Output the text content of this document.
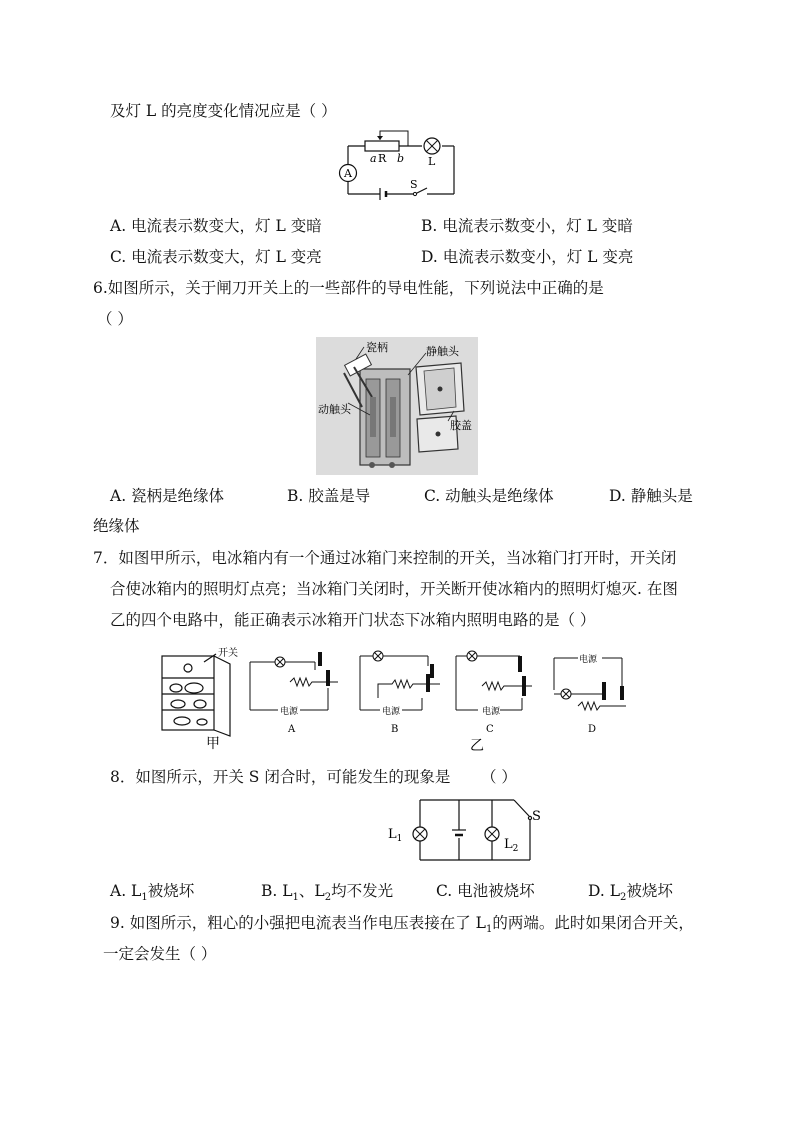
及灯 L 的亮度变化情况应是（ ）
A
a R b L
S
A. 电流表示数变大，灯 L 变暗	B. 电流表示数变小，灯 L 变暗
C. 电流表示数变大，灯 L 变亮	D. 电流表示数变小，灯 L 变亮
6.如图所示，关于闸刀开关上的一些部件的导电性能，下列说法中正确的是
（ ）
瓷柄	静触头
动触头
胶盖
A. 瓷柄是绝缘体	B. 胶盖是导	C. 动触头是绝缘体	D. 静触头是
绝缘体
7．如图甲所示，电冰箱内有一个通过冰箱门来控制的开关，当冰箱门打开时，开关闭
合使冰箱内的照明灯点亮；当冰箱门关闭时，开关断开使冰箱内的照明灯熄灭. 在图
乙的四个电路中，能正确表示冰箱开门状态下冰箱内照明电路的是（ ）
开关
甲
电源
A
电源
B
电源
C
电源
D
乙
8．如图所示，开关 S 闭合时，可能发生的现象是 （ ）
$L_1$	$L_2$
S
A. $L_1$被烧坏	B. $L_1$、$L_2$均不发光	C. 电池被烧坏	D. $L_2$被烧坏
9. 如图所示，粗心的小强把电流表当作电压表接在了 $L_1$的两端。此时如果闭合开关，
一定会发生（ ）
